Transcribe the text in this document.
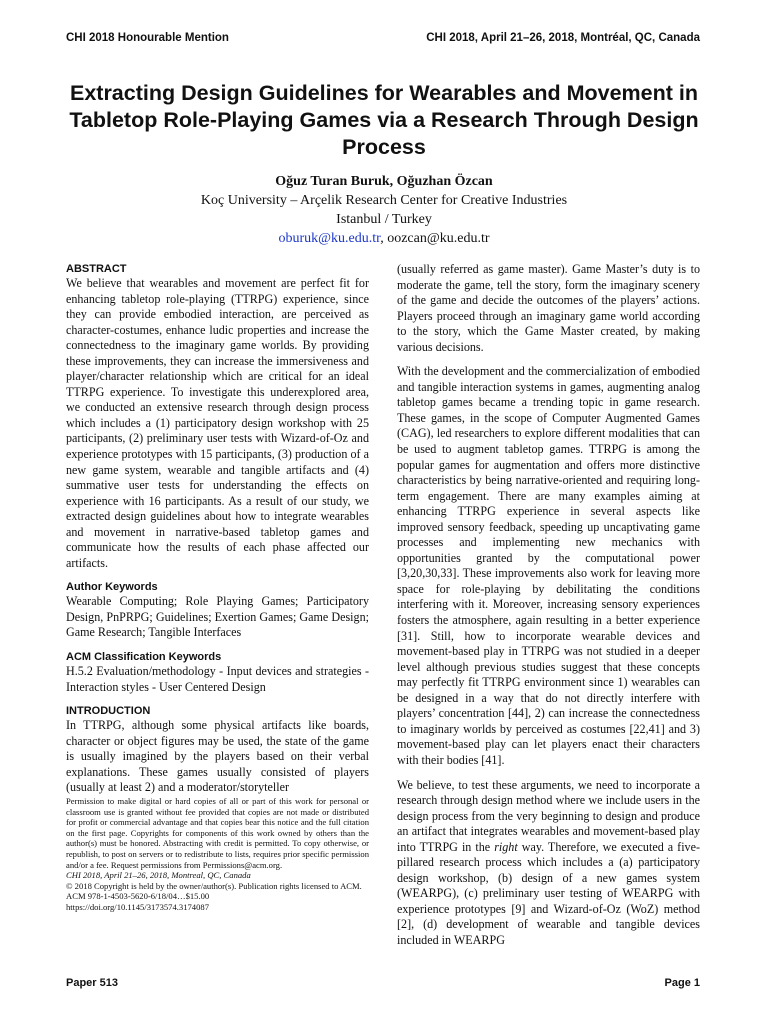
CHI 2018 Honourable Mention	CHI 2018, April 21–26, 2018, Montréal, QC, Canada
Extracting Design Guidelines for Wearables and Movement in Tabletop Role-Playing Games via a Research Through Design Process
Oğuz Turan Buruk, Oğuzhan Özcan
Koç University – Arçelik Research Center for Creative Industries
Istanbul / Turkey
oburuk@ku.edu.tr, oozcan@ku.edu.tr
ABSTRACT

We believe that wearables and movement are perfect fit for enhancing tabletop role-playing (TTRPG) experience, since they can provide embodied interaction, are perceived as character-costumes, enhance ludic properties and increase the connectedness to the imaginary game worlds. By providing these improvements, they can increase the immersiveness and player/character relationship which are critical for an ideal TTRPG experience. To investigate this underexplored area, we conducted an extensive research through design process which includes a (1) participatory design workshop with 25 participants, (2) preliminary user tests with Wizard-of-Oz and experience prototypes with 15 participants, (3) production of a new game system, wearable and tangible artifacts and (4) summative user tests for understanding the effects on experience with 16 participants. As a result of our study, we extracted design guidelines about how to integrate wearables and movement in narrative-based tabletop games and communicate how the results of each phase affected our artifacts.

Author Keywords

Wearable Computing; Role Playing Games; Participatory Design, PnPRPG; Guidelines; Exertion Games; Game Design; Game Research; Tangible Interfaces

ACM Classification Keywords

H.5.2 Evaluation/methodology - Input devices and strategies - Interaction styles - User Centered Design

INTRODUCTION

In TTRPG, although some physical artifacts like boards, character or object figures may be used, the state of the game is usually imagined by the players based on their verbal explanations. These games usually consisted of players (usually at least 2) and a moderator/storyteller

Permission to make digital or hard copies of all or part of this work for personal or classroom use is granted without fee provided that copies are not made or distributed for profit or commercial advantage and that copies bear this notice and the full citation on the first page. Copyrights for components of this work owned by others than the author(s) must be honored. Abstracting with credit is permitted. To copy otherwise, or republish, to post on servers or to redistribute to lists, requires prior specific permission and/or a fee. Request permissions from Permissions@acm.org.
CHI 2018, April 21–26, 2018, Montreal, QC, Canada
© 2018 Copyright is held by the owner/author(s). Publication rights licensed to ACM.
ACM 978-1-4503-5620-6/18/04…$15.00
https://doi.org/10.1145/3173574.3174087

(usually referred as game master). Game Master’s duty is to moderate the game, tell the story, form the imaginary scenery of the game and decide the outcomes of the players’ actions. Players proceed through an imaginary game world according to the story, which the Game Master created, by making various decisions.

With the development and the commercialization of embodied and tangible interaction systems in games, augmenting analog tabletop games became a trending topic in game research. These games, in the scope of Computer Augmented Games (CAG), led researchers to explore different modalities that can be used to augment tabletop games. TTRPG is among the popular games for augmentation and offers more distinctive characteristics by being narrative-oriented and requiring long-term engagement. There are many examples aiming at enhancing TTRPG experience in several aspects like improved sensory feedback, speeding up uncaptivating game processes and implementing new mechanics with opportunities granted by the computational power [3,20,30,33]. These improvements also work for leaving more space for role-playing by debilitating the conditions interfering with it. Moreover, increasing sensory experiences fosters the atmosphere, again resulting in a better experience [31]. Still, how to incorporate wearable devices and movement-based play in TTRPG was not studied in a deeper level although previous studies suggest that these concepts may perfectly fit TTRPG environment since 1) wearables can be designed in a way that do not directly interfere with players’ concentration [44], 2) can increase the connectedness to imaginary worlds by perceived as costumes [22,41] and 3) movement-based play can let players enact their characters with their bodies [41].

We believe, to test these arguments, we need to incorporate a research through design method where we include users in the design process from the very beginning to design and produce an artifact that integrates wearables and movement-based play into TTRPG in the right way. Therefore, we executed a five-pillared research process which includes a (a) participatory design workshop, (b) design of a new games system (WEARPG), (c) preliminary user testing of WEARPG with experience prototypes [9] and Wizard-of-Oz (WoZ) method [2], (d) development of wearable and tangible devices included in WEARPG

Paper 513	Page 1
